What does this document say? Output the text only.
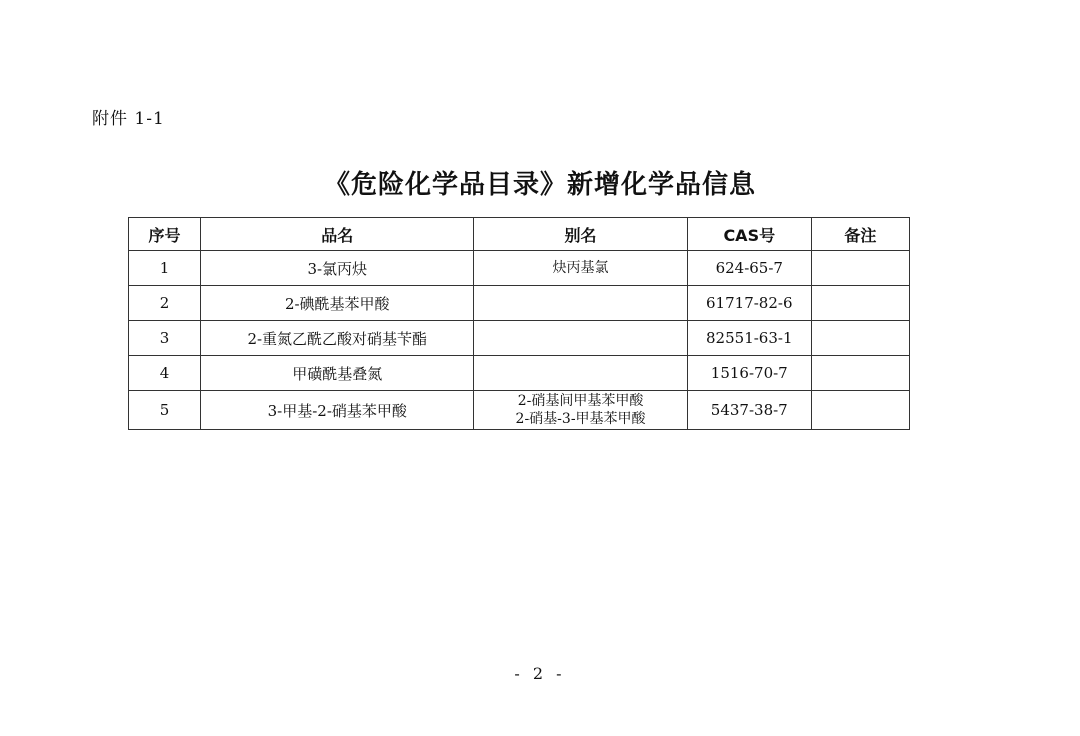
附件 1-1
《危险化学品目录》新增化学品信息
序号	品名	别名	CAS号	备注
1	3-氯丙炔	炔丙基氯	624-65-7	
2	2-碘酰基苯甲酸		61717-82-6	
3	2-重氮乙酰乙酸对硝基苄酯		82551-63-1	
4	甲磺酰基叠氮		1516-70-7	
5	3-甲基-2-硝基苯甲酸	2-硝基间甲基苯甲酸
2-硝基-3-甲基苯甲酸	5437-38-7	
- 2 -
